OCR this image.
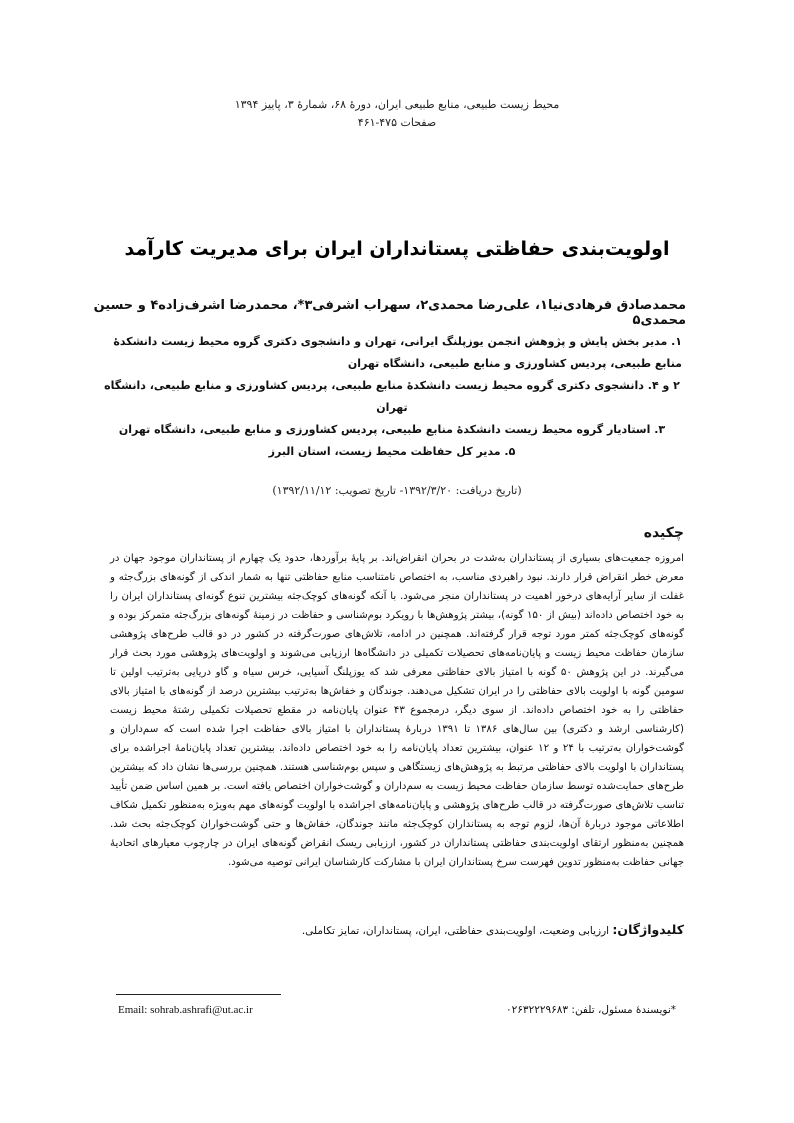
محیط زیست طبیعی، منابع طبیعی ایران، دورۀ ۶۸، شمارۀ ۳، پاییز ۱۳۹۴
صفحات ۴۷۵-۴۶۱
اولویت‌بندی حفاظتی پستانداران ایران برای مدیریت کارآمد
محمدصادق فرهادی‌نیا۱، علی‌رضا محمدی۲، سهراب اشرفی۳*، محمدرضا اشرف‌زاده۴ و حسین محمدی۵

۱. مدیر بخش پایش و پژوهش انجمن یوزپلنگ ایرانی، تهران و دانشجوی دکتری گروه محیط زیست دانشکدۀ منابع طبیعی، پردیس کشاورزی و منابع طبیعی، دانشگاه تهران

۲ و ۴. دانشجوی دکتری گروه محیط زیست دانشکدۀ منابع طبیعی، پردیس کشاورزی و منابع طبیعی، دانشگاه تهران

۳. استادیار گروه محیط زیست دانشکدۀ منابع طبیعی، پردیس کشاورزی و منابع طبیعی، دانشگاه تهران

۵. مدیر کل حفاظت محیط زیست، استان البرز

(تاریخ دریافت: ۱۳۹۲/۳/۲۰- تاریخ تصویب: ۱۳۹۲/۱۱/۱۲)
چکیده
امروزه جمعیت‌های بسیاری از پستانداران به‌شدت در بحران انقراض‌اند. بر پایۀ برآوردها، حدود یک چهارم از پستانداران موجود جهان در معرض خطر انقراض قرار دارند. نبود راهبردی مناسب، به اختصاص نامتناسب منابع حفاظتی تنها به شمار اندکی از گونه‌های بزرگ‌جثه و غفلت از سایر آرایه‌های درخور اهمیت در پستانداران منجر می‌شود. با آنکه گونه‌های کوچک‌جثه بیشترین تنوع گونه‌ای پستانداران ایران را به خود اختصاص داده‌اند (بیش از ۱۵۰ گونه)، بیشتر پژوهش‌ها با رویکرد بوم‌شناسی و حفاظت در زمینۀ گونه‌های بزرگ‌جثه متمرکز بوده و گونه‌های کوچک‌جثه کمتر مورد توجه قرار گرفته‌اند. همچنین در ادامه، تلاش‌های صورت‌گرفته در کشور در دو قالب طرح‌های پژوهشی سازمان حفاظت محیط زیست و پایان‌نامه‌های تحصیلات تکمیلی در دانشگاه‌ها ارزیابی می‌شوند و اولویت‌های پژوهشی مورد بحث قرار می‌گیرند. در این پژوهش ۵۰ گونه با امتیاز بالای حفاظتی معرفی شد که یوزپلنگ آسیایی، خرس سیاه و گاو دریایی به‌ترتیب اولین تا سومین گونه با اولویت بالای حفاظتی را در ایران تشکیل می‌دهند. جوندگان و خفاش‌ها به‌ترتیب بیشترین درصد از گونه‌های با امتیاز بالای حفاظتی را به خود اختصاص داده‌اند. از سوی دیگر، درمجموع ۴۳ عنوان پایان‌نامه در مقطع تحصیلات تکمیلی رشتۀ محیط زیست (کارشناسی ارشد و دکتری) بین سال‌های ۱۳۸۶ تا ۱۳۹۱ دربارۀ پستانداران با امتیاز بالای حفاظت اجرا شده است که سم‌داران و گوشت‌خواران به‌ترتیب با ۲۴ و ۱۲ عنوان، بیشترین تعداد پایان‌نامه را به خود اختصاص داده‌اند. بیشترین تعداد پایان‌نامۀ اجراشده برای پستانداران با اولویت بالای حفاظتی مرتبط به پژوهش‌های زیستگاهی و سپس بوم‌شناسی هستند. همچنین بررسی‌ها نشان داد که بیشترین طرح‌های حمایت‌شده توسط سازمان حفاظت محیط زیست به سم‌داران و گوشت‌خواران اختصاص یافته است. بر همین اساس ضمن تأیید تناسب تلاش‌های صورت‌گرفته در قالب طرح‌های پژوهشی و پایان‌نامه‌های اجراشده با اولویت گونه‌های مهم به‌ویژه به‌منظور تکمیل شکاف اطلاعاتی موجود دربارۀ آن‌ها، لزوم توجه به پستانداران کوچک‌جثه مانند جوندگان، خفاش‌ها و حتی گوشت‌خواران کوچک‌جثه بحث شد. همچنین به‌منظور ارتقای اولویت‌بندی حفاظتی پستانداران در کشور، ارزیابی ریسک انقراض گونه‌های ایران در چارچوب معیارهای اتحادیۀ جهانی حفاظت به‌منظور تدوین فهرست سرخ پستانداران ایران با مشارکت کارشناسان ایرانی توصیه می‌شود.
کلیدواژگان: ارزیابی وضعیت، اولویت‌بندی حفاظتی، ایران، پستانداران، تمایز تکاملی.
*نویسندۀ مسئول، تلفن: ۰۲۶۳۲۲۲۹۶۸۳
Email: sohrab.ashrafi@ut.ac.ir
